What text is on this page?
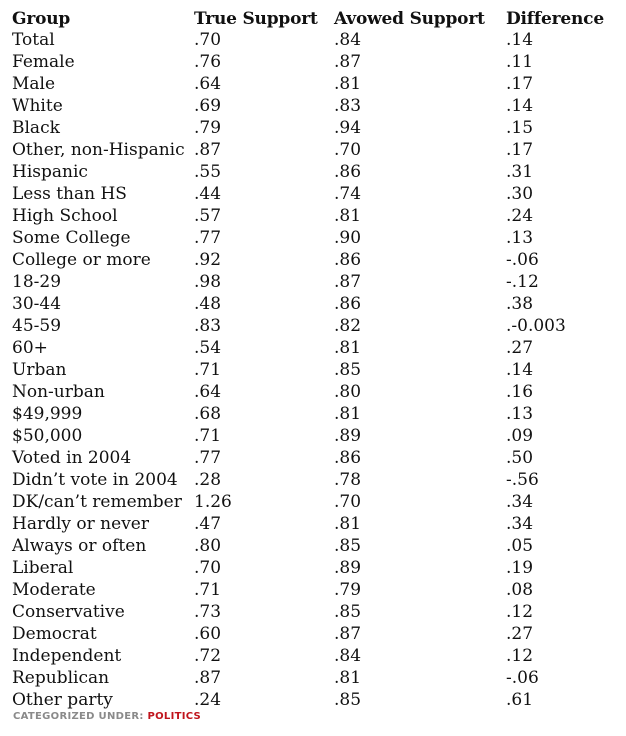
Group	True Support	Avowed Support	Difference
Total	.70	.84	.14
Female	.76	.87	.11
Male	.64	.81	.17
White	.69	.83	.14
Black	.79	.94	.15
Other, non-Hispanic	.87	.70	.17
Hispanic	.55	.86	.31
Less than HS	.44	.74	.30
High School	.57	.81	.24
Some College	.77	.90	.13
College or more	.92	.86	-.06
18-29	.98	.87	-.12
30-44	.48	.86	.38
45-59	.83	.82	.-0.003
60+	.54	.81	.27
Urban	.71	.85	.14
Non-urban	.64	.80	.16
$49,999	.68	.81	.13
$50,000	.71	.89	.09
Voted in 2004	.77	.86	.50
Didn’t vote in 2004	.28	.78	-.56
DK/can’t remember	1.26	.70	.34
Hardly or never	.47	.81	.34
Always or often	.80	.85	.05
Liberal	.70	.89	.19
Moderate	.71	.79	.08
Conservative	.73	.85	.12
Democrat	.60	.87	.27
Independent	.72	.84	.12
Republican	.87	.81	-.06
Other party	.24	.85	.61
CATEGORIZED UNDER: POLITICS
